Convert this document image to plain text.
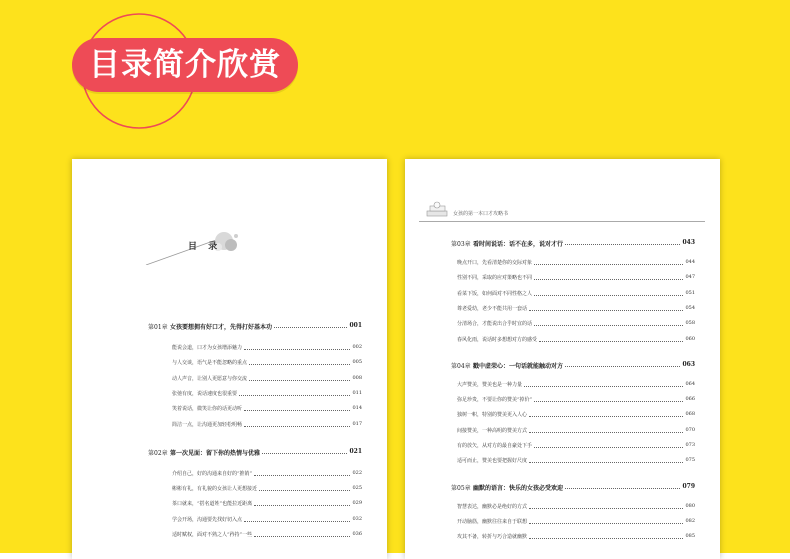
目录简介欣赏
目 录
第01章 女孩要想拥有好口才，先得打好基本功	001
能说会道，口才为女孩增添魅力	002
与人交谈，语气是不能忽略的重点	005
动人声音，让别人更愿意与你交流	008
张弛有度，说话速度也很重要	011
笑着说话，微笑让你的话更动听	014
简洁一点，让沟通更加轻松明畅	017
第02章 第一次见面：留下你的热情与优雅	021
介绍自己，好的沟通来自好的“推销”	022
彬彬有礼，有礼貌的女孩让人更想接近	025
茶口就来，“搭名道姓”也能拉近距离	029
学会开场，沟通要先找好切入点	032
适时赋权，面对不熟之人“矜持”一些	036
女孩的第一本口才攻略书
第03章 看时间说话：话不在多，说对才行	043
晚点开口，先看清楚你的交际对象	044
性别不同，采取的应对策略也不同	047
看菜下饭，如何面对不同性格之人	051
尊老爱幼，老少不能共用一套话	054
分清场合，才能说出合乎时宜的话	058
春风化雨，说话时多想想对方的感受	060
第04章 戳中虚荣心：一句话就能触动对方	063
大声赞美，赞美也是一种力量	064
弥足珍贵，不要让你的赞美“掉价”	066
独树一帜，特别的赞美更入人心	068
间接赞美，一种高明的赞美方式	070
有的放矢，从对方的最自豪处下手	073
适可而止，赞美也要把握好尺度	075
第05章 幽默的语言：快乐的女孩必受欢迎	079
智慧表达，幽默必是绝好的方式	080
开动脑筋，幽默往往来自于联想	082
攻其不备，转折与巧合造就幽默	085
